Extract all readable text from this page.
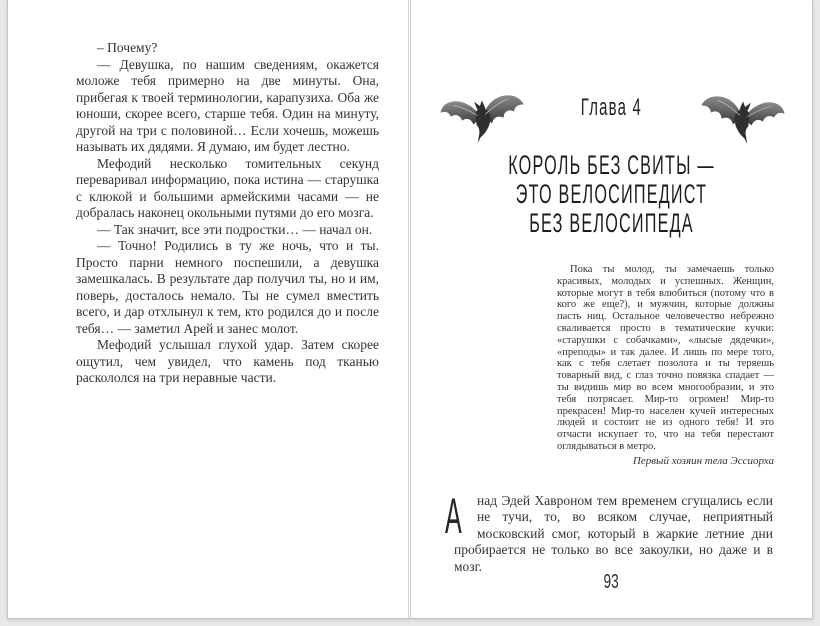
– Почему?

— Девушка, по нашим сведениям, окажется моложе тебя примерно на две минуты. Она, прибегая к твоей терминологии, карапузиха. Оба же юноши, скорее всего, старше тебя. Один на минуту, другой на три с половиной… Если хочешь, можешь называть их дядями. Я думаю, им будет лестно.

Мефодий несколько томительных секунд переваривал информацию, пока истина — старушка с клюкой и большими армейскими часами — не добралась наконец окольными путями до его мозга.

— Так значит, все эти подростки… — начал он.

— Точно! Родились в ту же ночь, что и ты. Просто парни немного поспешили, а девушка замешкалась. В результате дар получил ты, но и им, поверь, досталось немало. Ты не сумел вместить всего, и дар отхлынул к тем, кто родился до и после тебя… — заметил Арей и занес молот.

Мефодий услышал глухой удар. Затем скорее ощутил, чем увидел, что камень под тканью раскололся на три неравные части.

Глава 4
КОРОЛЬ БЕЗ СВИТЫ —
ЭТО ВЕЛОСИПЕДИСТ
БЕЗ ВЕЛОСИПЕДА
Пока ты молод, ты замечаешь только красивых, молодых и успешных. Женщин, которые могут в тебя влюбиться (потому что в кого же еще?), и мужчин, которые должны пасть ниц. Остальное человечество небрежно сваливается просто в тематические кучки: «старушки с собачками», «лысые дядечки», «преподы» и так далее. И лишь по мере того, как с тебя слетает позолота и ты теряешь товарный вид, с глаз точно повязка спадает — ты видишь мир во всем многообразии, и это тебя потрясает. Мир-то огромен! Мир-то прекрасен! Мир-то населен кучей интересных людей и состоит не из одного тебя! И это отчасти искупает то, что на тебя перестают оглядываться в метро.
Первый хозяин тела Эссиорха
А над Эдей Хавроном тем временем сгущались если не тучи, то, во всяком случае, неприятный московский смог, который в жаркие летние дни пробирается не только во все закоулки, но даже и в мозг.
93
